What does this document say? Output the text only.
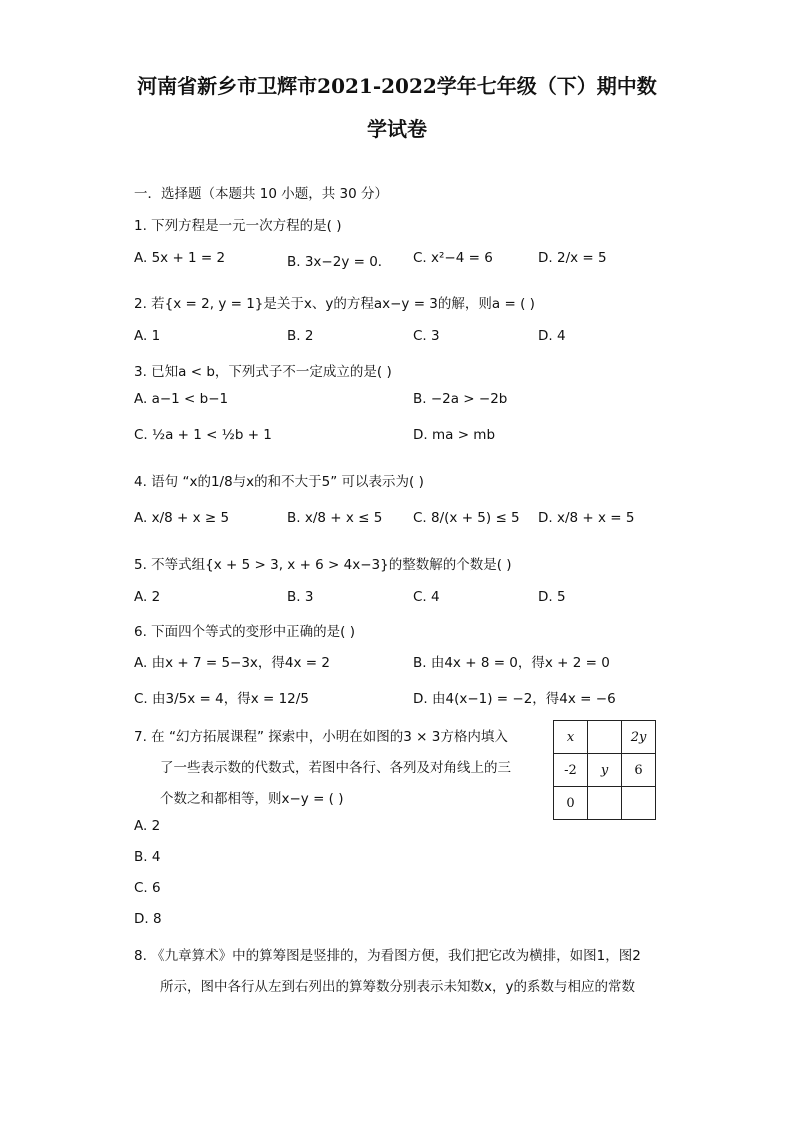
河南省新乡市卫辉市2021-2022学年七年级（下）期中数
学试卷
一．选择题（本题共 10 小题，共 30 分）
1. 下列方程是一元一次方程的是( )
A. 5x + 1 = 2	B. 3x−2y = 0． C. x²−4 = 6	D. 2/x = 5
2. 若{x = 2, y = 1}是关于x、y的方程ax−y = 3的解，则a = ( )
A. 1	B. 2	C. 3	D. 4
3. 已知a < b，下列式子不一定成立的是( )
A. a−1 < b−1	B. −2a > −2b
C. ½a + 1 < ½b + 1	D. ma > mb
4. 语句 “x的1/8与x的和不大于5” 可以表示为( )
A. x/8 + x ≥ 5	B. x/8 + x ≤ 5 C. 8/(x + 5) ≤ 5 D. x/8 + x = 5
5. 不等式组{x + 5 > 3, x + 6 > 4x−3}的整数解的个数是( )
A. 2	B. 3	C. 4	D. 5
6. 下面四个等式的变形中正确的是( )
A. 由x + 7 = 5−3x，得4x = 2	B. 由4x + 8 = 0，得x + 2 = 0
C. 由3/5x = 4，得x = 12/5	D. 由4(x−1) = −2，得4x = −6
7. 在 “幻方拓展课程” 探索中，小明在如图的3 × 3方格内填入
了一些表示数的代数式，若图中各行、各列及对角线上的三
个数之和都相等，则x−y = ( )
A. 2
B. 4
C. 6
D. 8
x		2y
-2	y	6
0		
8. 《九章算术》中的算筹图是竖排的，为看图方便，我们把它改为横排，如图1，图2
所示，图中各行从左到右列出的算筹数分别表示未知数x，y的系数与相应的常数
